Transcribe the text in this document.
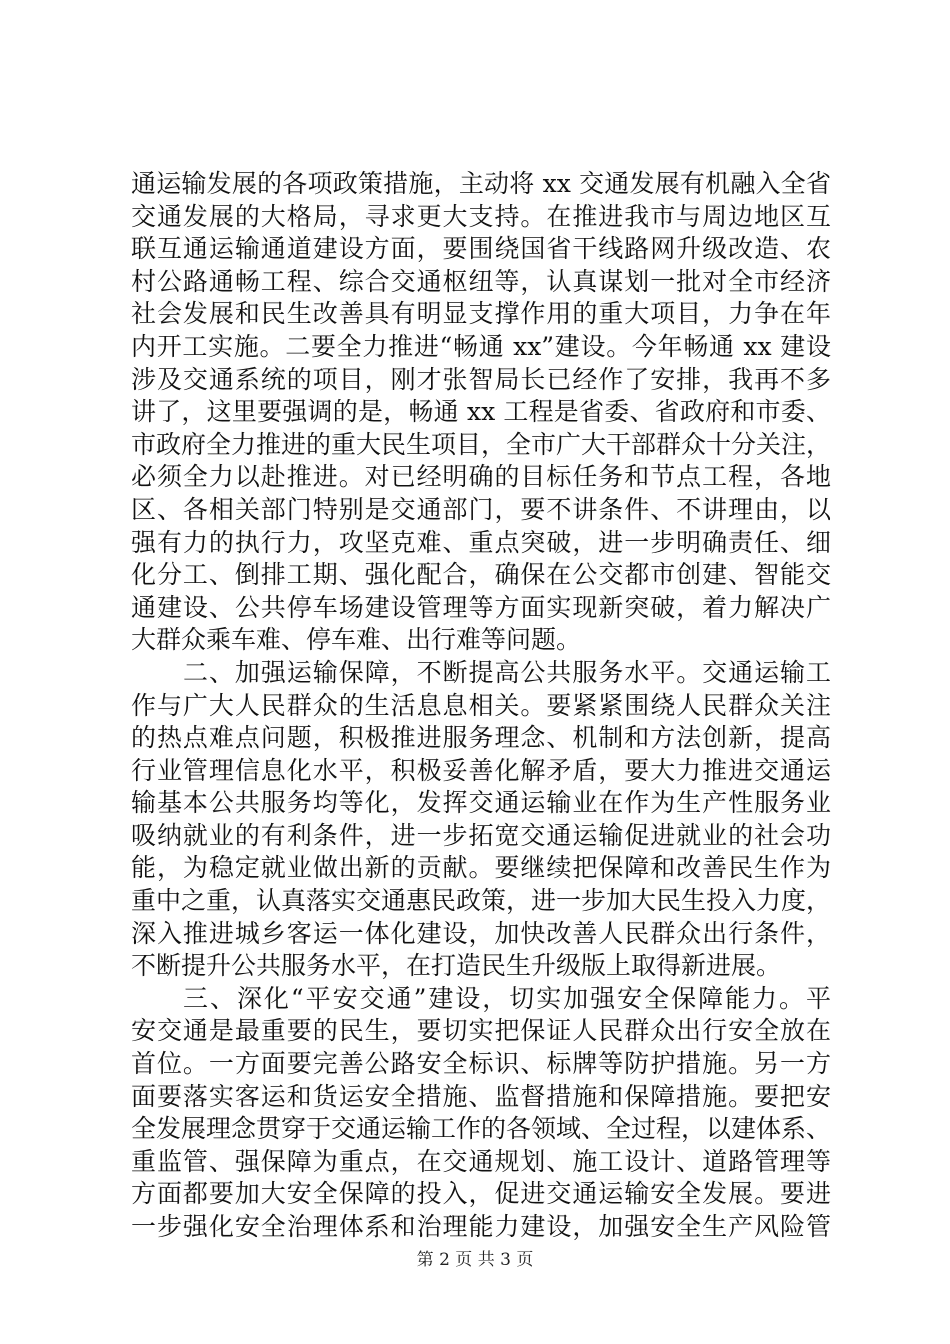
通运输发展的各项政策措施，主动将 xx 交通发展有机融入全省
交通发展的大格局，寻求更大支持。在推进我市与周边地区互
联互通运输通道建设方面，要围绕国省干线路网升级改造、农
村公路通畅工程、综合交通枢纽等，认真谋划一批对全市经济
社会发展和民生改善具有明显支撑作用的重大项目，力争在年
内开工实施。二要全力推进“畅通 xx”建设。今年畅通 xx 建设
涉及交通系统的项目，刚才张智局长已经作了安排，我再不多
讲了，这里要强调的是，畅通 xx 工程是省委、省政府和市委、
市政府全力推进的重大民生项目，全市广大干部群众十分关注，
必须全力以赴推进。对已经明确的目标任务和节点工程，各地
区、各相关部门特别是交通部门，要不讲条件、不讲理由，以
强有力的执行力，攻坚克难、重点突破，进一步明确责任、细
化分工、倒排工期、强化配合，确保在公交都市创建、智能交
通建设、公共停车场建设管理等方面实现新突破，着力解决广
大群众乘车难、停车难、出行难等问题。
二、加强运输保障，不断提高公共服务水平。交通运输工
作与广大人民群众的生活息息相关。要紧紧围绕人民群众关注
的热点难点问题，积极推进服务理念、机制和方法创新，提高
行业管理信息化水平，积极妥善化解矛盾，要大力推进交通运
输基本公共服务均等化，发挥交通运输业在作为生产性服务业
吸纳就业的有利条件，进一步拓宽交通运输促进就业的社会功
能，为稳定就业做出新的贡献。要继续把保障和改善民生作为
重中之重，认真落实交通惠民政策，进一步加大民生投入力度，
深入推进城乡客运一体化建设，加快改善人民群众出行条件，
不断提升公共服务水平，在打造民生升级版上取得新进展。
三、深化“平安交通”建设，切实加强安全保障能力。平
安交通是最重要的民生，要切实把保证人民群众出行安全放在
首位。一方面要完善公路安全标识、标牌等防护措施。另一方
面要落实客运和货运安全措施、监督措施和保障措施。要把安
全发展理念贯穿于交通运输工作的各领域、全过程，以建体系、
重监管、强保障为重点，在交通规划、施工设计、道路管理等
方面都要加大安全保障的投入，促进交通运输安全发展。要进
一步强化安全治理体系和治理能力建设，加强安全生产风险管
第 2 页 共 3 页
